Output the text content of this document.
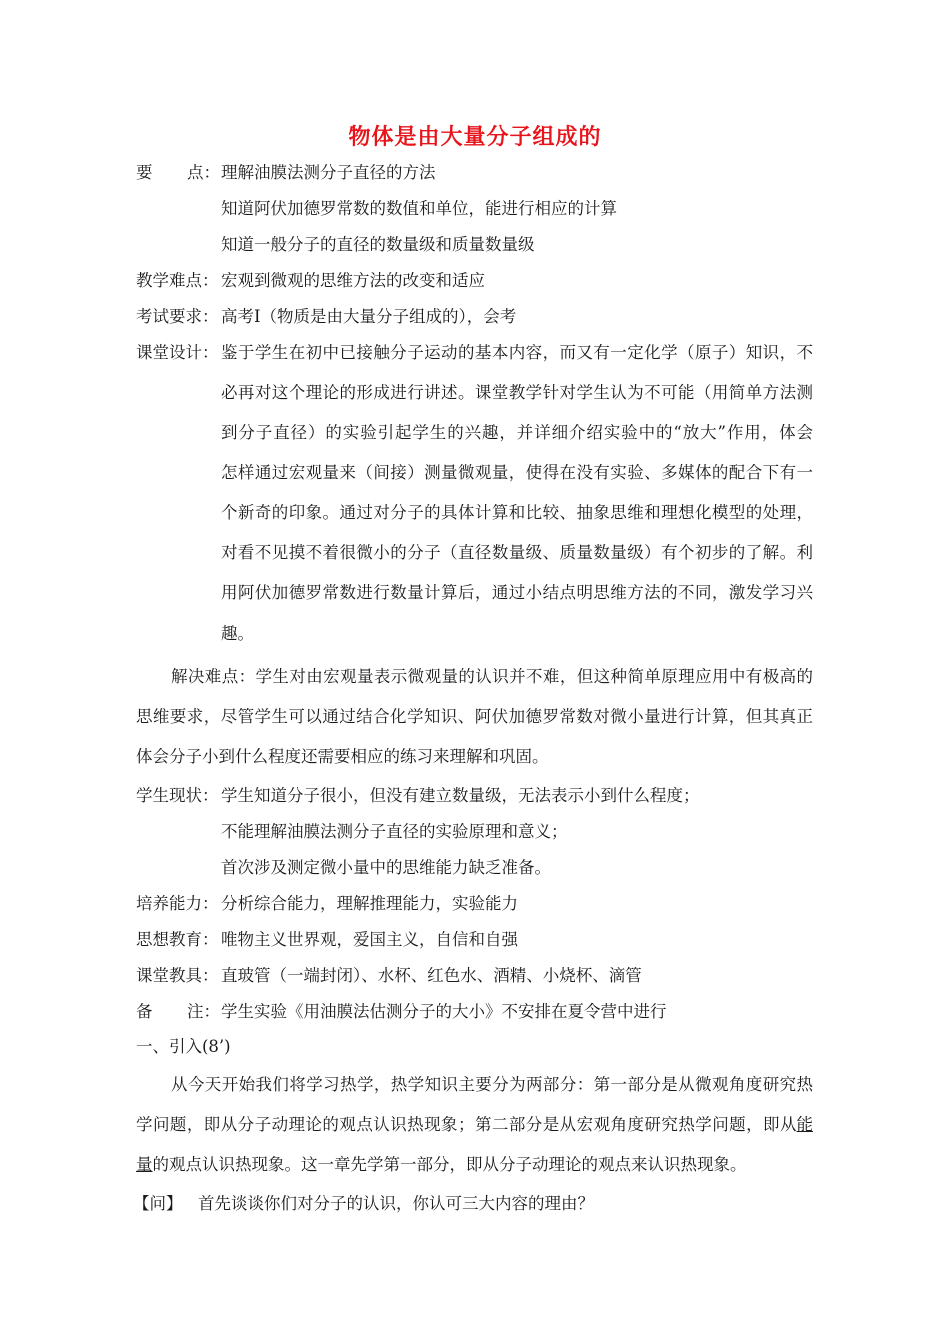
物体是由大量分子组成的
要 点： 理解油膜法测分子直径的方法
知道阿伏加德罗常数的数值和单位，能进行相应的计算
知道一般分子的直径的数量级和质量数量级
教学难点： 宏观到微观的思维方法的改变和适应
考试要求： 高考Ⅰ（物质是由大量分子组成的），会考
课堂设计： 鉴于学生在初中已接触分子运动的基本内容，而又有一定化学（原子）知识，不
必再对这个理论的形成进行讲述。课堂教学针对学生认为不可能（用简单方法测
到分子直径）的实验引起学生的兴趣，并详细介绍实验中的“放大”作用，体会
怎样通过宏观量来（间接）测量微观量，使得在没有实验、多媒体的配合下有一
个新奇的印象。通过对分子的具体计算和比较、抽象思维和理想化模型的处理，
对看不见摸不着很微小的分子（直径数量级、质量数量级）有个初步的了解。利
用阿伏加德罗常数进行数量计算后，通过小结点明思维方法的不同，激发学习兴
趣。
解决难点：学生对由宏观量表示微观量的认识并不难，但这种简单原理应用中有极高的
思维要求，尽管学生可以通过结合化学知识、阿伏加德罗常数对微小量进行计算，但其真正
体会分子小到什么程度还需要相应的练习来理解和巩固。
学生现状： 学生知道分子很小，但没有建立数量级，无法表示小到什么程度；
不能理解油膜法测分子直径的实验原理和意义；
首次涉及测定微小量中的思维能力缺乏准备。
培养能力： 分析综合能力，理解推理能力，实验能力
思想教育： 唯物主义世界观，爱国主义，自信和自强
课堂教具： 直玻管（一端封闭）、水杯、红色水、酒精、小烧杯、滴管
备 注： 学生实验《用油膜法估测分子的大小》不安排在夏令营中进行
一、引入(8’)
从今天开始我们将学习热学，热学知识主要分为两部分：第一部分是从微观角度研究热
学问题，即从分子动理论的观点认识热现象；第二部分是从宏观角度研究热学问题，即从 能
量的观点认识热现象。这一章先学第一部分，即从分子动理论的观点来认识热现象。
【问】 首先谈谈你们对分子的认识，你认可三大内容的理由？
